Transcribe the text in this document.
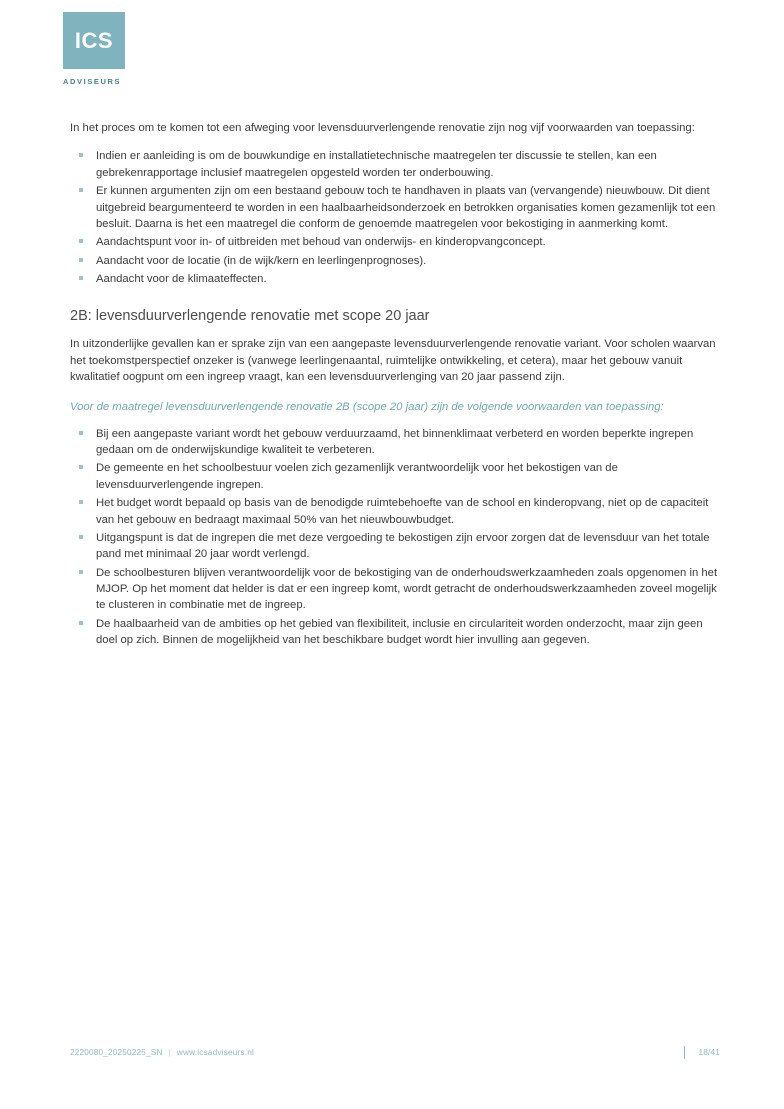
ICS
ADVISEURS

In het proces om te komen tot een afweging voor levensduurverlengende renovatie zijn nog vijf voorwaarden van toepassing:

Indien er aanleiding is om de bouwkundige en installatietechnische maatregelen ter discussie te stellen, kan een gebrekenrapportage inclusief maatregelen opgesteld worden ter onderbouwing.
Er kunnen argumenten zijn om een bestaand gebouw toch te handhaven in plaats van (vervangende) nieuwbouw. Dit dient uitgebreid beargumenteerd te worden in een haalbaarheidsonderzoek en betrokken organisaties komen gezamenlijk tot een besluit. Daarna is het een maatregel die conform de genoemde maatregelen voor bekostiging in aanmerking komt.
Aandachtspunt voor in- of uitbreiden met behoud van onderwijs- en kinderopvangconcept.
Aandacht voor de locatie (in de wijk/kern en leerlingenprognoses).
Aandacht voor de klimaateffecten.
2B: levensduurverlengende renovatie met scope 20 jaar

In uitzonderlijke gevallen kan er sprake zijn van een aangepaste levensduurverlengende renovatie variant. Voor scholen waarvan het toekomstperspectief onzeker is (vanwege leerlingenaantal, ruimtelijke ontwikkeling, et cetera), maar het gebouw vanuit kwalitatief oogpunt om een ingreep vraagt, kan een levensduurverlenging van 20 jaar passend zijn.

Voor de maatregel levensduurverlengende renovatie 2B (scope 20 jaar) zijn de volgende voorwaarden van toepassing:

Bij een aangepaste variant wordt het gebouw verduurzaamd, het binnenklimaat verbeterd en worden beperkte ingrepen gedaan om de onderwijskundige kwaliteit te verbeteren.
De gemeente en het schoolbestuur voelen zich gezamenlijk verantwoordelijk voor het bekostigen van de levensduurverlengende ingrepen.
Het budget wordt bepaald op basis van de benodigde ruimtebehoefte van de school en kinderopvang, niet op de capaciteit van het gebouw en bedraagt maximaal 50% van het nieuwbouwbudget.
Uitgangspunt is dat de ingrepen die met deze vergoeding te bekostigen zijn ervoor zorgen dat de levensduur van het totale pand met minimaal 20 jaar wordt verlengd.
De schoolbesturen blijven verantwoordelijk voor de bekostiging van de onderhoudswerkzaamheden zoals opgenomen in het MJOP. Op het moment dat helder is dat er een ingreep komt, wordt getracht de onderhoudswerkzaamheden zoveel mogelijk te clusteren in combinatie met de ingreep.
De haalbaarheid van de ambities op het gebied van flexibiliteit, inclusie en circulariteit worden onderzocht, maar zijn geen doel op zich. Binnen de mogelijkheid van het beschikbare budget wordt hier invulling aan gegeven.
2220080_20250225_SN | www.icsadviseurs.nl	18/41
